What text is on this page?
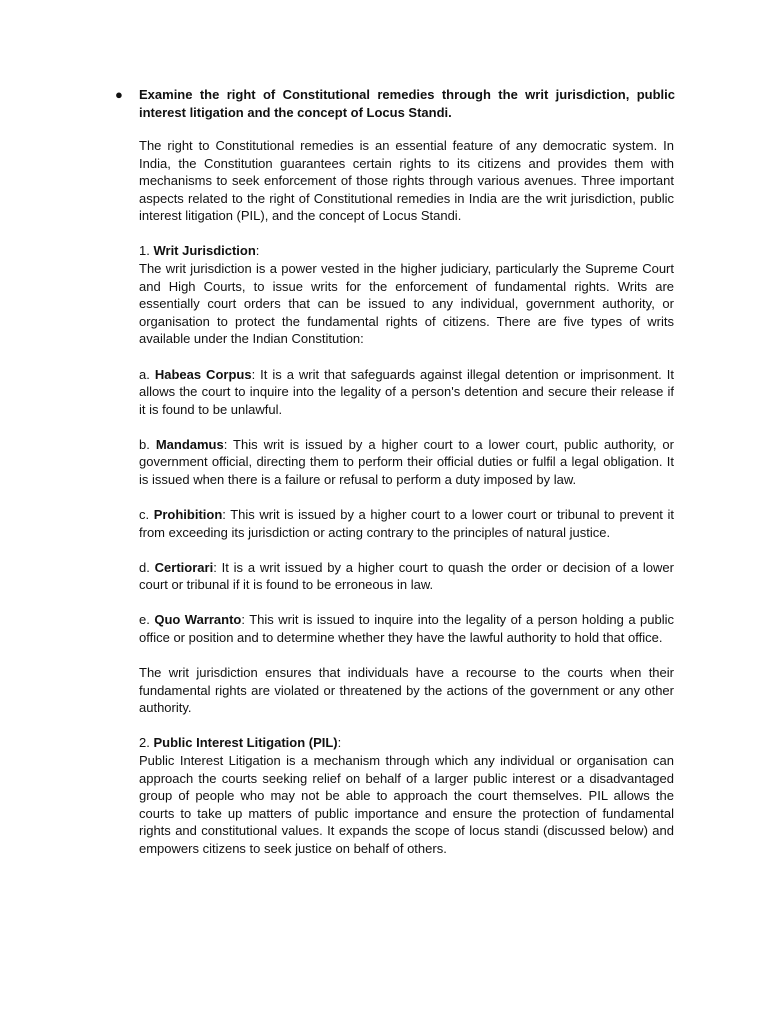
● Examine the right of Constitutional remedies through the writ jurisdiction, public interest litigation and the concept of Locus Standi.

The right to Constitutional remedies is an essential feature of any democratic system. In India, the Constitution guarantees certain rights to its citizens and provides them with mechanisms to seek enforcement of those rights through various avenues. Three important aspects related to the right of Constitutional remedies in India are the writ jurisdiction, public interest litigation (PIL), and the concept of Locus Standi.

1. Writ Jurisdiction:

The writ jurisdiction is a power vested in the higher judiciary, particularly the Supreme Court and High Courts, to issue writs for the enforcement of fundamental rights. Writs are essentially court orders that can be issued to any individual, government authority, or organisation to protect the fundamental rights of citizens. There are five types of writs available under the Indian Constitution:

a. Habeas Corpus: It is a writ that safeguards against illegal detention or imprisonment. It allows the court to inquire into the legality of a person's detention and secure their release if it is found to be unlawful.

b. Mandamus: This writ is issued by a higher court to a lower court, public authority, or government official, directing them to perform their official duties or fulfil a legal obligation. It is issued when there is a failure or refusal to perform a duty imposed by law.

c. Prohibition: This writ is issued by a higher court to a lower court or tribunal to prevent it from exceeding its jurisdiction or acting contrary to the principles of natural justice.

d. Certiorari: It is a writ issued by a higher court to quash the order or decision of a lower court or tribunal if it is found to be erroneous in law.

e. Quo Warranto: This writ is issued to inquire into the legality of a person holding a public office or position and to determine whether they have the lawful authority to hold that office.

The writ jurisdiction ensures that individuals have a recourse to the courts when their fundamental rights are violated or threatened by the actions of the government or any other authority.

2. Public Interest Litigation (PIL):

Public Interest Litigation is a mechanism through which any individual or organisation can approach the courts seeking relief on behalf of a larger public interest or a disadvantaged group of people who may not be able to approach the court themselves. PIL allows the courts to take up matters of public importance and ensure the protection of fundamental rights and constitutional values. It expands the scope of locus standi (discussed below) and empowers citizens to seek justice on behalf of others.
